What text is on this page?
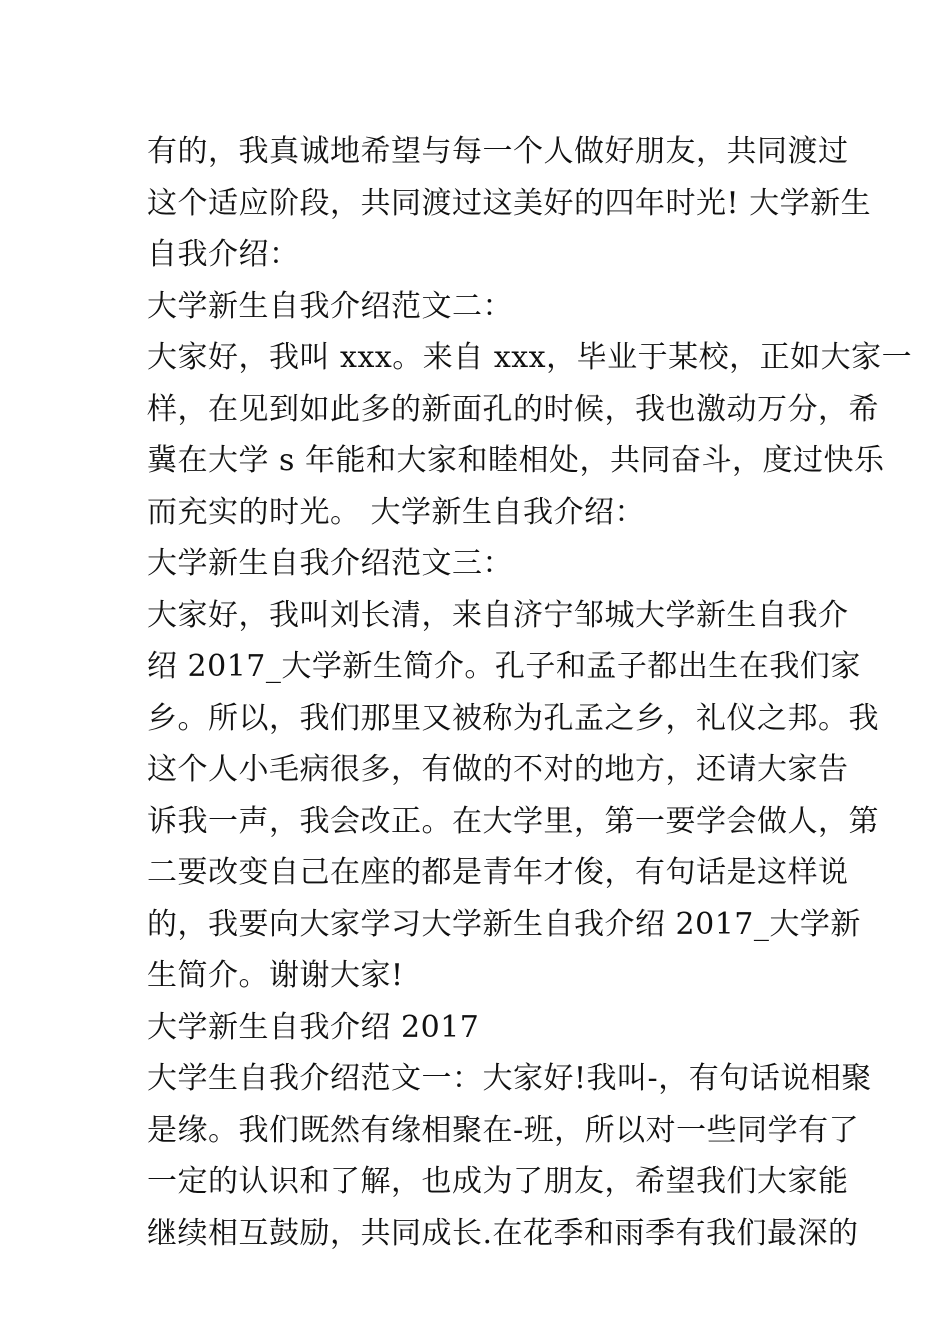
有的，我真诚地希望与每一个人做好朋友，共同渡过
这个适应阶段，共同渡过这美好的四年时光! 大学新生
自我介绍：
大学新生自我介绍范文二：
大家好，我叫 xxx。来自 xxx，毕业于某校，正如大家一
样，在见到如此多的新面孔的时候，我也激动万分，希
冀在大学 s 年能和大家和睦相处，共同奋斗，度过快乐
而充实的时光。 大学新生自我介绍：
大学新生自我介绍范文三：
大家好，我叫刘长清，来自济宁邹城大学新生自我介
绍 2017_大学新生简介。孔子和孟子都出生在我们家
乡。所以，我们那里又被称为孔孟之乡，礼仪之邦。我
这个人小毛病很多，有做的不对的地方，还请大家告
诉我一声，我会改正。在大学里，第一要学会做人，第
二要改变自己在座的都是青年才俊，有句话是这样说
的，我要向大家学习大学新生自我介绍 2017_大学新
生简介。谢谢大家!
大学新生自我介绍 2017
大学生自我介绍范文一：大家好!我叫-，有句话说相聚
是缘。我们既然有缘相聚在-班，所以对一些同学有了
一定的认识和了解，也成为了朋友，希望我们大家能
继续相互鼓励，共同成长.在花季和雨季有我们最深的
